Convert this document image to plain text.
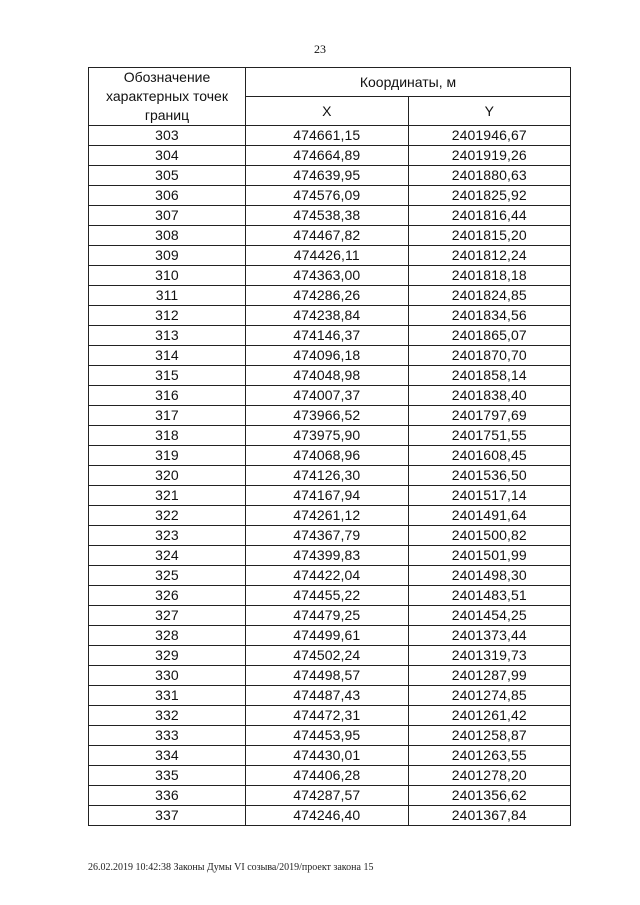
23
Обозначение
характерных точек
границ	Координаты, м	
	X	Y
303	474661,15	2401946,67
304	474664,89	2401919,26
305	474639,95	2401880,63
306	474576,09	2401825,92
307	474538,38	2401816,44
308	474467,82	2401815,20
309	474426,11	2401812,24
310	474363,00	2401818,18
311	474286,26	2401824,85
312	474238,84	2401834,56
313	474146,37	2401865,07
314	474096,18	2401870,70
315	474048,98	2401858,14
316	474007,37	2401838,40
317	473966,52	2401797,69
318	473975,90	2401751,55
319	474068,96	2401608,45
320	474126,30	2401536,50
321	474167,94	2401517,14
322	474261,12	2401491,64
323	474367,79	2401500,82
324	474399,83	2401501,99
325	474422,04	2401498,30
326	474455,22	2401483,51
327	474479,25	2401454,25
328	474499,61	2401373,44
329	474502,24	2401319,73
330	474498,57	2401287,99
331	474487,43	2401274,85
332	474472,31	2401261,42
333	474453,95	2401258,87
334	474430,01	2401263,55
335	474406,28	2401278,20
336	474287,57	2401356,62
337	474246,40	2401367,84
26.02.2019 10:42:38 Законы Думы VI созыва/2019/проект закона 15
